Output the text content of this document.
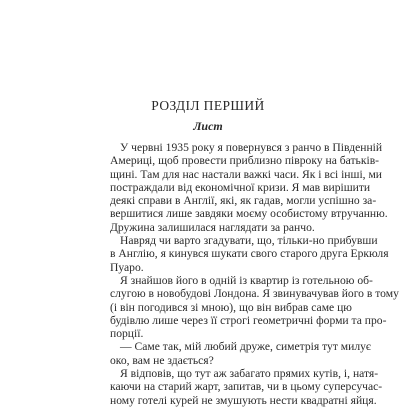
РОЗДІЛ ПЕРШИЙ
Лист
У червні 1935 року я повернувся з ранчо в Південній
Америці, щоб провести приблизно півроку на батьків-
щині. Там для нас настали важкі часи. Як і всі інші, ми
постраждали від економічної кризи. Я мав вирішити
деякі справи в Англії, які, як гадав, могли успішно за-
вершитися лише завдяки моєму особистому втручанню.
Дружина залишилася наглядати за ранчо.
Навряд чи варто згадувати, що, тільки-но прибувши
в Англію, я кинувся шукати свого старого друга Еркюля
Пуаро.
Я знайшов його в одній із квартир із готельною об-
слугою в новобудові Лондона. Я звинувачував його в тому
(і він погодився зі мною), що він вибрав саме цю
будівлю лише через її строгі геометричні форми та про-
порції.
— Саме так, мій любий друже, симетрія тут милує
око, вам не здається?
Я відповів, що тут аж забагато прямих кутів, і, натя-
каючи на старий жарт, запитав, чи в цьому суперсучас-
ному готелі курей не змушують нести квадратні яйця.
